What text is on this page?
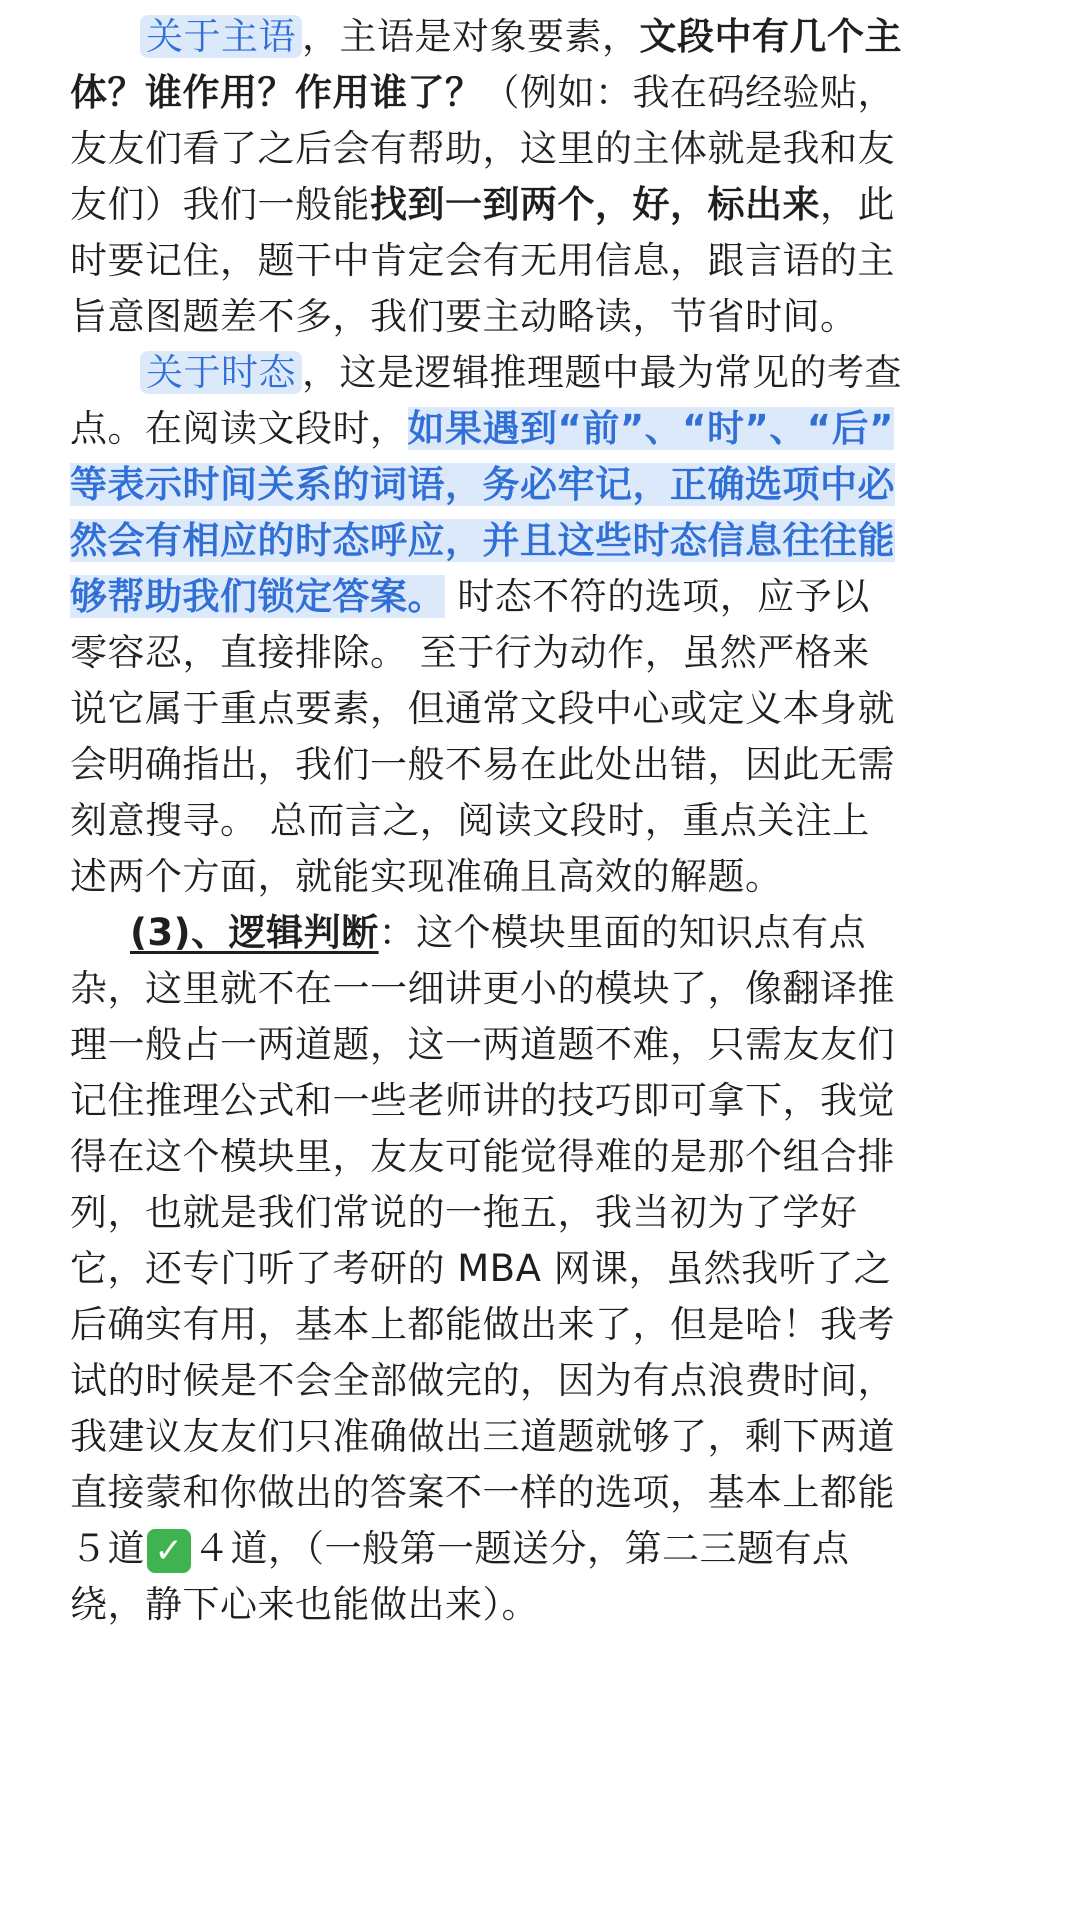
关于主语 ，主语是对象要素，文段中有几个主
体？谁作用？作用谁了？（例如：我在码经验贴，
友友们看了之后会有帮助，这里的主体就是我和友
友们）我们一般能找到一到两个，好，标出来，此
时要记住，题干中肯定会有无用信息，跟言语的主
旨意图题差不多，我们要主动略读，节省时间。
关于时态 ，这是逻辑推理题中最为常见的考查
点。在阅读文段时，如果遇到“前”、“时”、“后”
等表示时间关系的词语，务必牢记，正确选项中必
然会有相应的时态呼应，并且这些时态信息往往能
够帮助我们锁定答案。 时态不符的选项，应予以
零容忍，直接排除。 至于行为动作，虽然严格来
说它属于重点要素，但通常文段中心或定义本身就
会明确指出，我们一般不易在此处出错，因此无需
刻意搜寻。 总而言之，阅读文段时，重点关注上
述两个方面，就能实现准确且高效的解题。
(3)、逻辑判断：这个模块里面的知识点有点
杂，这里就不在一一细讲更小的模块了，像翻译推
理一般占一两道题，这一两道题不难，只需友友们
记住推理公式和一些老师讲的技巧即可拿下，我觉
得在这个模块里，友友可能觉得难的是那个组合排
列，也就是我们常说的一拖五，我当初为了学好
它，还专门听了考研的 MBA 网课，虽然我听了之
后确实有用，基本上都能做出来了，但是哈！我考
试的时候是不会全部做完的，因为有点浪费时间，
我建议友友们只准确做出三道题就够了，剩下两道
直接蒙和你做出的答案不一样的选项，基本上都能
５道 ✓ ４道，（一般第一题送分，第二三题有点
绕，静下心来也能做出来）。
